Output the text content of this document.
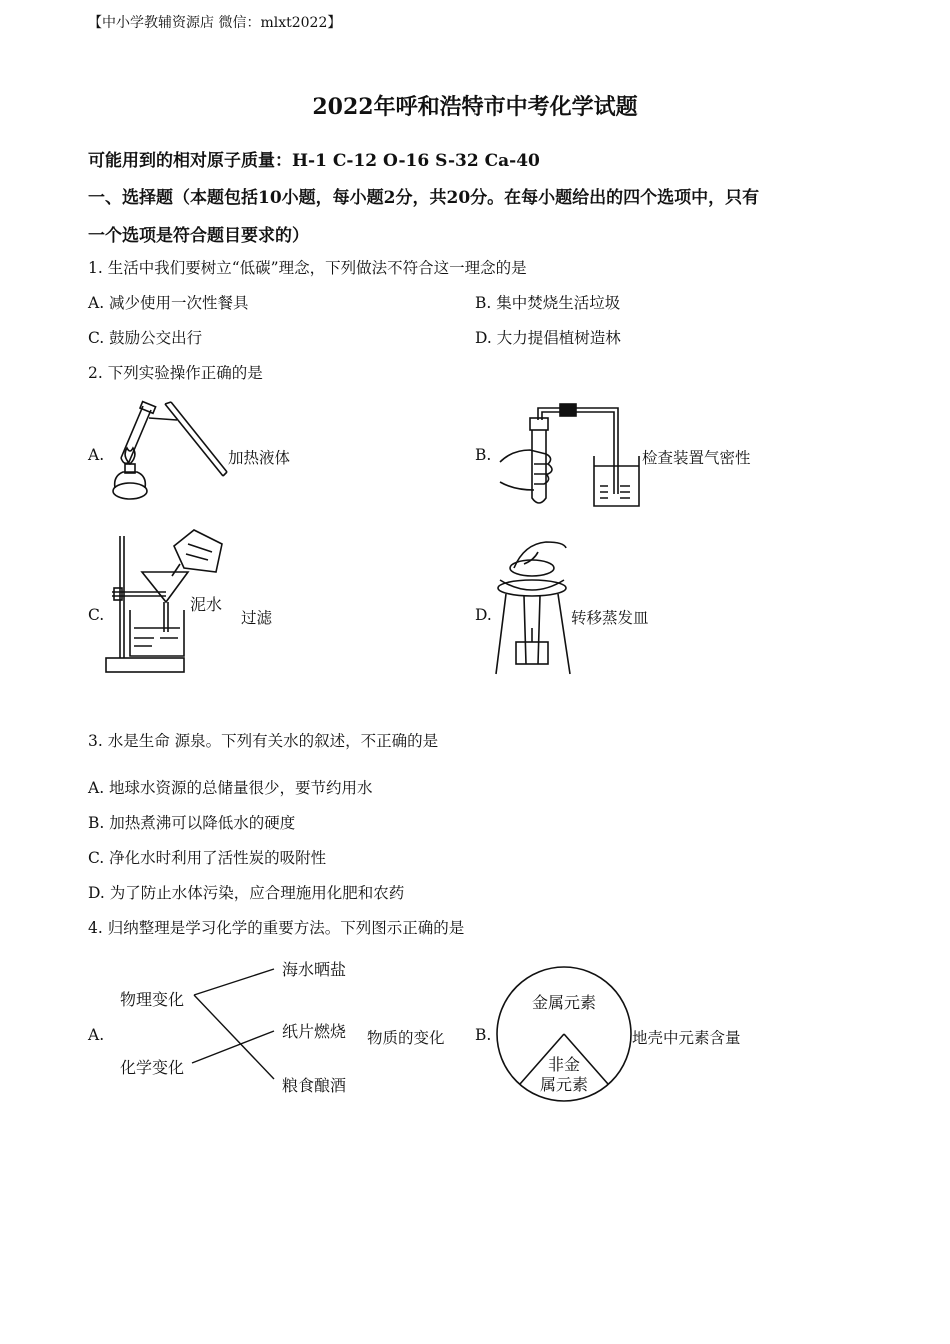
【中小学教辅资源店 微信：mlxt2022】
2022年呼和浩特市中考化学试题
可能用到的相对原子质量：H-1 C-12 O-16 S-32 Ca-40
一、选择题（本题包括10小题，每小题2分，共20分。在每小题给出的四个选项中，只有
一个选项是符合题目要求的）
1. 生活中我们要树立“低碳”理念，下列做法不符合这一理念的是
A. 减少使用一次性餐具	B. 集中焚烧生活垃圾
C. 鼓励公交出行	D. 大力提倡植树造林
2. 下列实验操作正确的是
A.	加热液体	B.	检查装置气密性
C.
泥水
过滤	D.	转移蒸发皿
3. 水是生命 源泉。下列有关水的叙述，不正确的是
A. 地球水资源的总储量很少，要节约用水
B. 加热煮沸可以降低水的硬度
C. 净化水时利用了活性炭的吸附性
D. 为了防止水体污染，应合理施用化肥和农药
4. 归纳整理是学习化学的重要方法。下列图示正确的是
A.
物理变化
化学变化
海水晒盐
纸片燃烧
粮食酿酒
物质的变化 B.
金属元素
非金
属元素
地壳中元素含量
